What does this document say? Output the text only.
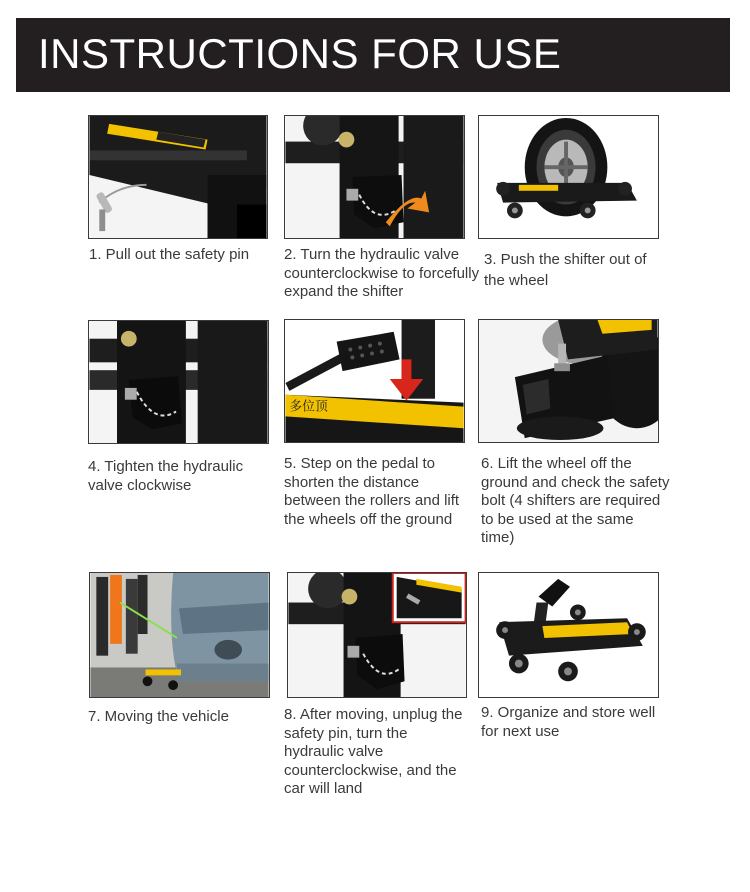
INSTRUCTIONS FOR USE
1. Pull out the safety pin	2. Turn the hydraulic valve counterclockwise to forcefully expand the shifter
3. Push the shifter out of the wheel
4. Tighten the hydraulic valve clockwise
多位顶
5. Step on the pedal to shorten the distance between the rollers and lift the wheels off the ground
6. Lift the wheel off the ground and check the safety bolt (4 shifters are required to be used at the same time)
7. Moving the vehicle	8. After moving, unplug the safety pin, turn the hydraulic valve counterclockwise, and the car will land
9. Organize and store well for next use
